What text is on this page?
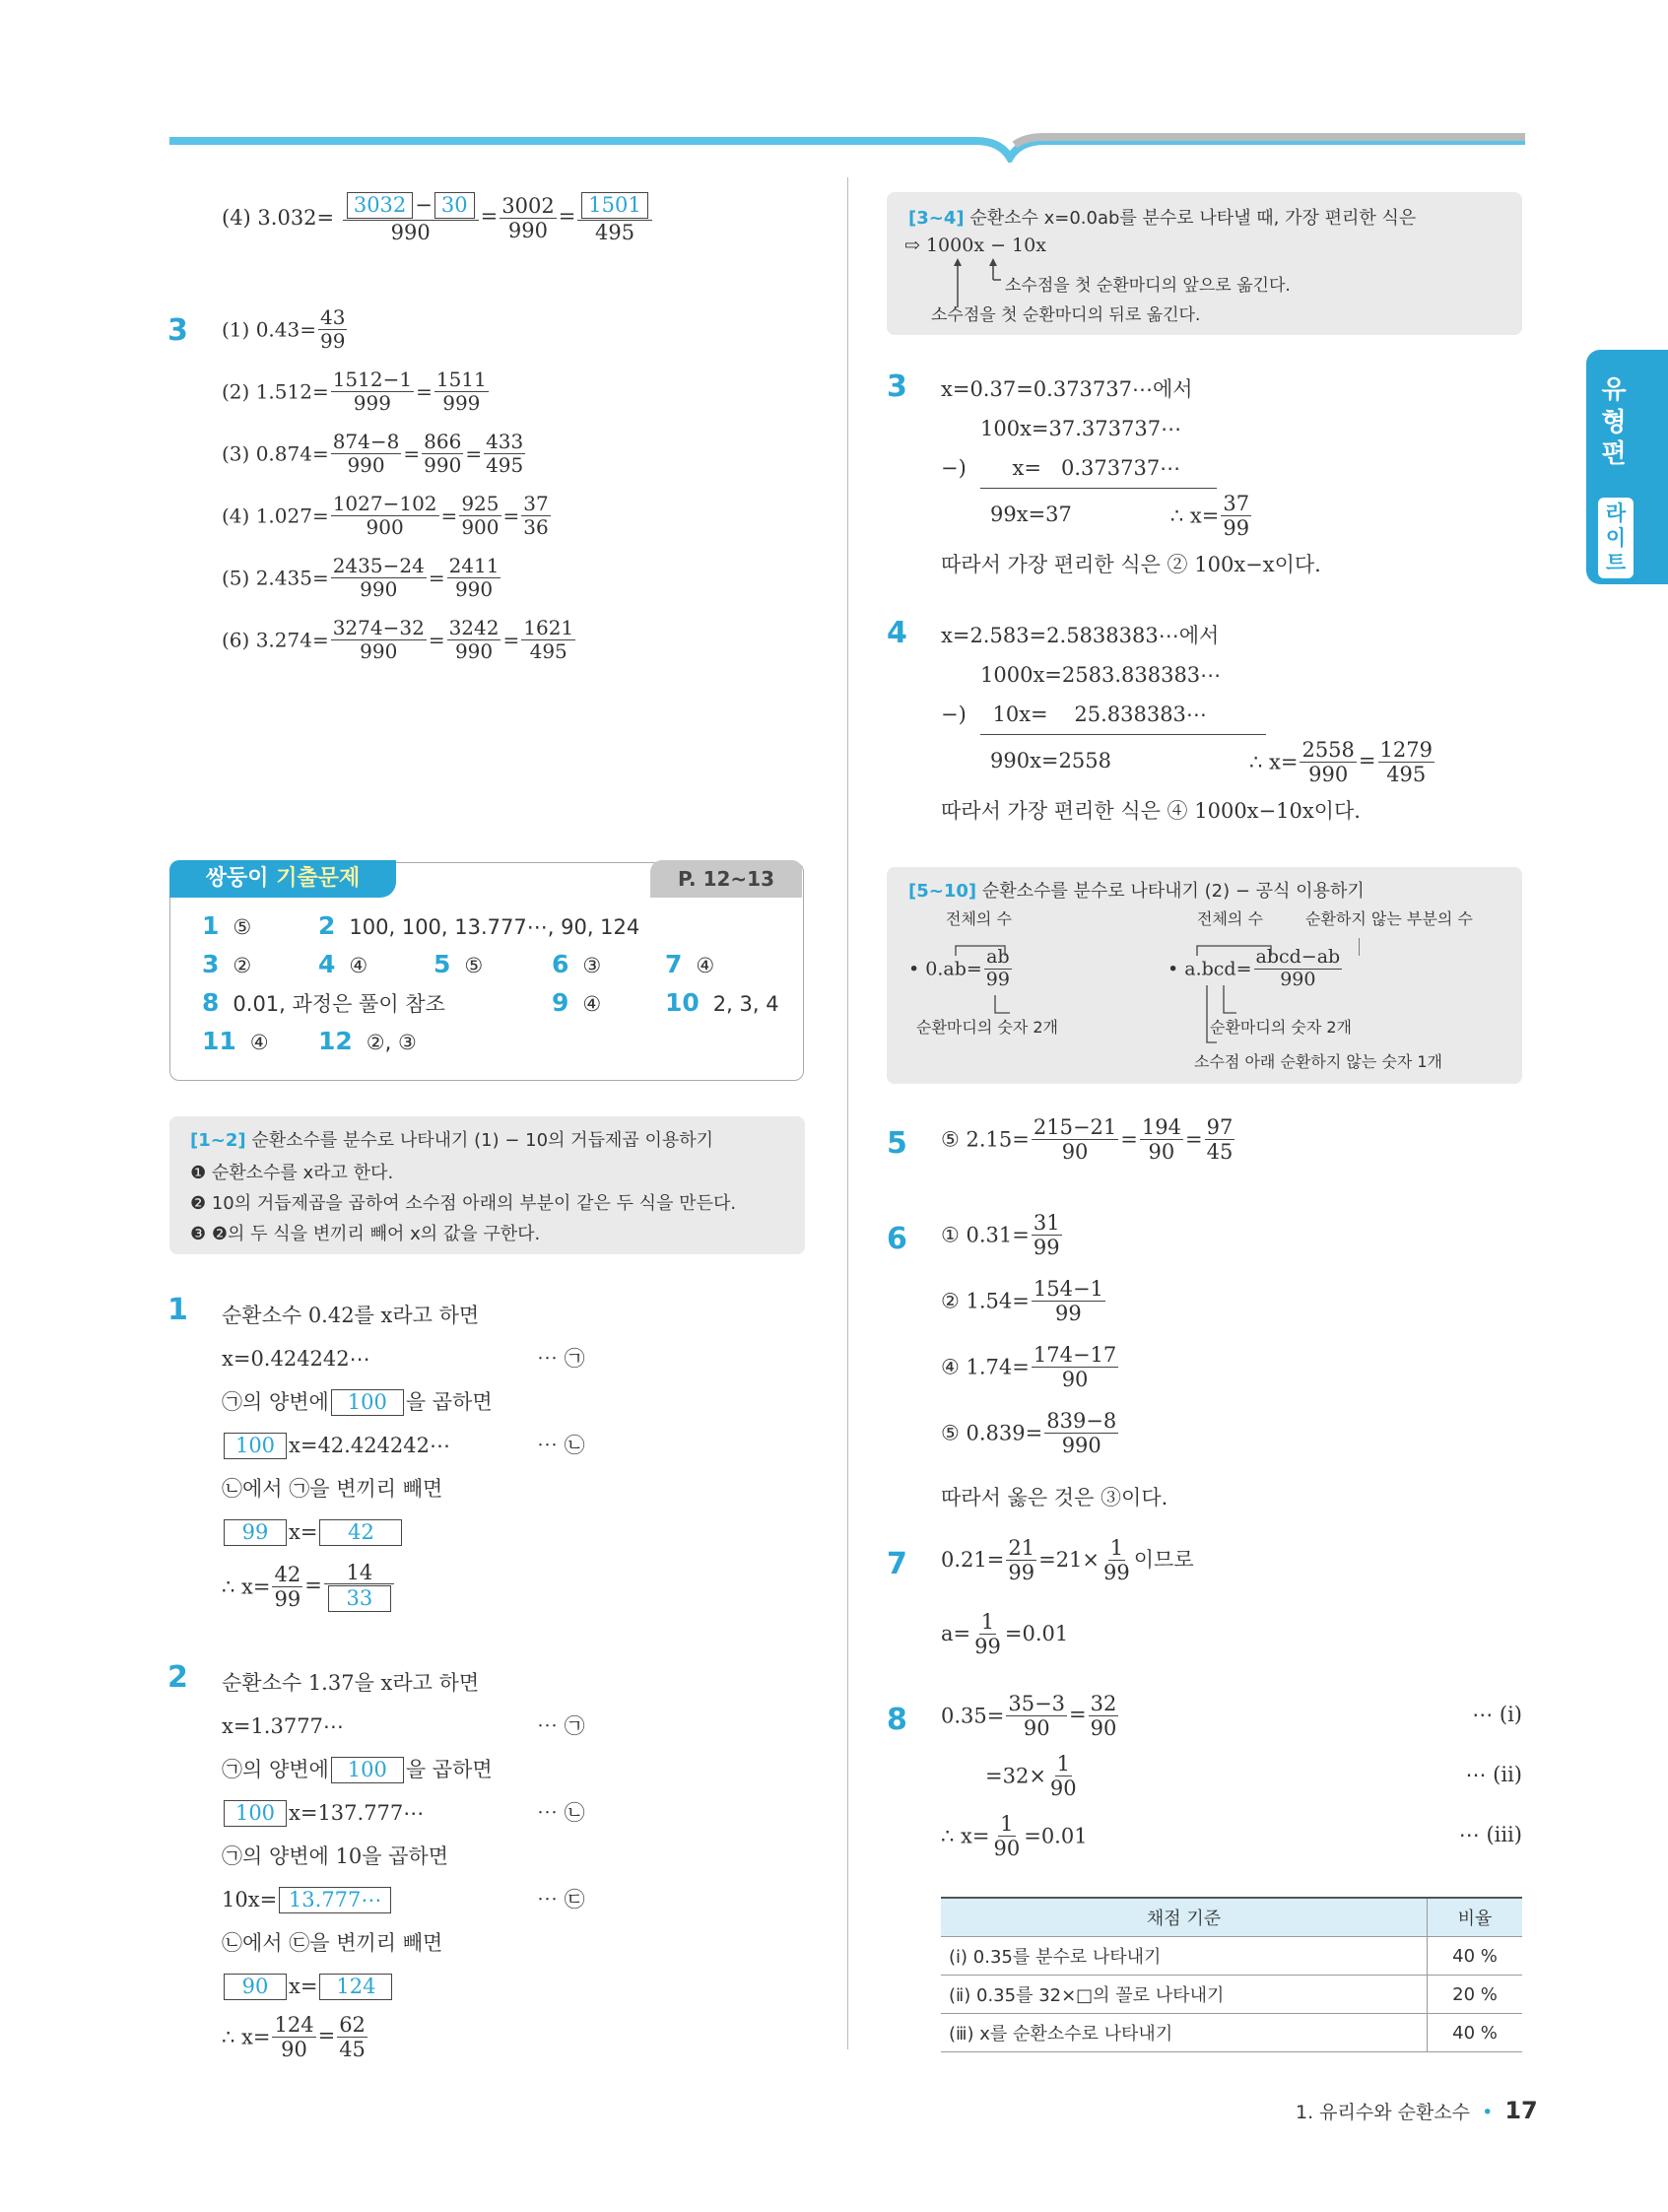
유형편
라이트
(4) $3.032= \frac{3032 - 30}{990} = \frac{3002}{990} = \frac{1501}{495}$
3 (1) $0.43= \frac{43}{99}$
(2) $1.512= \frac{1512-1}{999} = \frac{1511}{999}$
(3) $0.874= \frac{874-8}{990} = \frac{866}{990} = \frac{433}{495}$
(4) $1.027= \frac{1027-102}{900} = \frac{925}{900} = \frac{37}{36}$
(5) $2.435= \frac{2435-24}{990} = \frac{2411}{990}$
(6) $3.274= \frac{3274-32}{990} = \frac{3242}{990} = \frac{1621}{495}$
쌍둥이 기출문제	P. 12~13
1 ⑤	2 100, 100, 13.777⋯, 90, 124
3 ②	4 ④	5 ⑤	6 ③	7 ④
8 0.01, 과정은 풀이 참조	9 ④	10 2, 3, 4
11 ④ 12 ②, ③
[1~2] 순환소수를 분수로 나타내기 (1) − 10의 거듭제곱 이용하기
❶ 순환소수를 x라고 한다.
❷ 10의 거듭제곱을 곱하여 소수점 아래의 부분이 같은 두 식을 만든다.
❸ ❷의 두 식을 변끼리 빼어 x의 값을 구한다.
1 순환소수 0.42를 x라고 하면
x=0.424242⋯	⋯ ㉠
㉠의 양변에 100 을 곱하면
100 x=42.424242⋯	⋯ ㉡
㉡에서 ㉠을 변끼리 빼면
99 x= 42
∴ $x= \frac{42}{99} = \frac{14}{33}$
2 순환소수 1.37을 x라고 하면
x=1.3777⋯	⋯ ㉠
㉠의 양변에 100 을 곱하면
100 x=137.777⋯	⋯ ㉡
㉠의 양변에 10을 곱하면
10x= 13.777⋯	⋯ ㉢
㉡에서 ㉢을 변끼리 빼면
90 x= 124
∴ $x= \frac{124}{90} = \frac{62}{45}$
[3~4] 순환소수 x=0.0ab를 분수로 나타낼 때, 가장 편리한 식은
⇨ 1000x − 10x
소수점을 첫 순환마디의 앞으로 옮긴다.
소수점을 첫 순환마디의 뒤로 옮긴다.
3 x=0.37=0.373737⋯에서
100x=37.373737⋯
−)       x=   0.373737⋯
99x=37	∴ $x= \frac{37}{99}$
따라서 가장 편리한 식은 ② 100x−x이다.
4 x=2.583=2.5838383⋯에서
1000x=2583.838383⋯
−)    10x=    25.838383⋯
990x=2558	∴ $x= \frac{2558}{990} = \frac{1279}{495}$
따라서 가장 편리한 식은 ④ 1000x−10x이다.
[5~10] 순환소수를 분수로 나타내기 (2) − 공식 이용하기
전체의 수
• $0.ab= \frac{ab}{99}$
순환마디의 숫자 2개
전체의 수	순환하지 않는 부분의 수
• $a.bcd= \frac{\text{abcd−ab}}{990}$
순환마디의 숫자 2개
소수점 아래 순환하지 않는 숫자 1개
5 ⑤ $2.15= \frac{215-21}{90} = \frac{194}{90} = \frac{97}{45}$
6 ① $0.31= \frac{31}{99}$
② $1.54= \frac{154-1}{99}$
④ $1.74= \frac{174-17}{90}$
⑤ $0.839= \frac{839-8}{990}$
따라서 옳은 것은 ③이다.
7 $0.21= \frac{21}{99} =21\times \frac{1}{99}$ 이므로
$a= \frac{1}{99} =0.01$
8 $0.35= \frac{35-3}{90} = \frac{32}{90}$	⋯ (ⅰ)
$=32\times \frac{1}{90}$	⋯ (ⅱ)
∴ $x= \frac{1}{90} =0.01$	⋯ (ⅲ)
채점 기준	비율
(ⅰ) 0.35를 분수로 나타내기	40 %
(ⅱ) 0.35를 32×□의 꼴로 나타내기	20 %
(ⅲ) x를 순환소수로 나타내기	40 %
1. 유리수와 순환소수 • 17
